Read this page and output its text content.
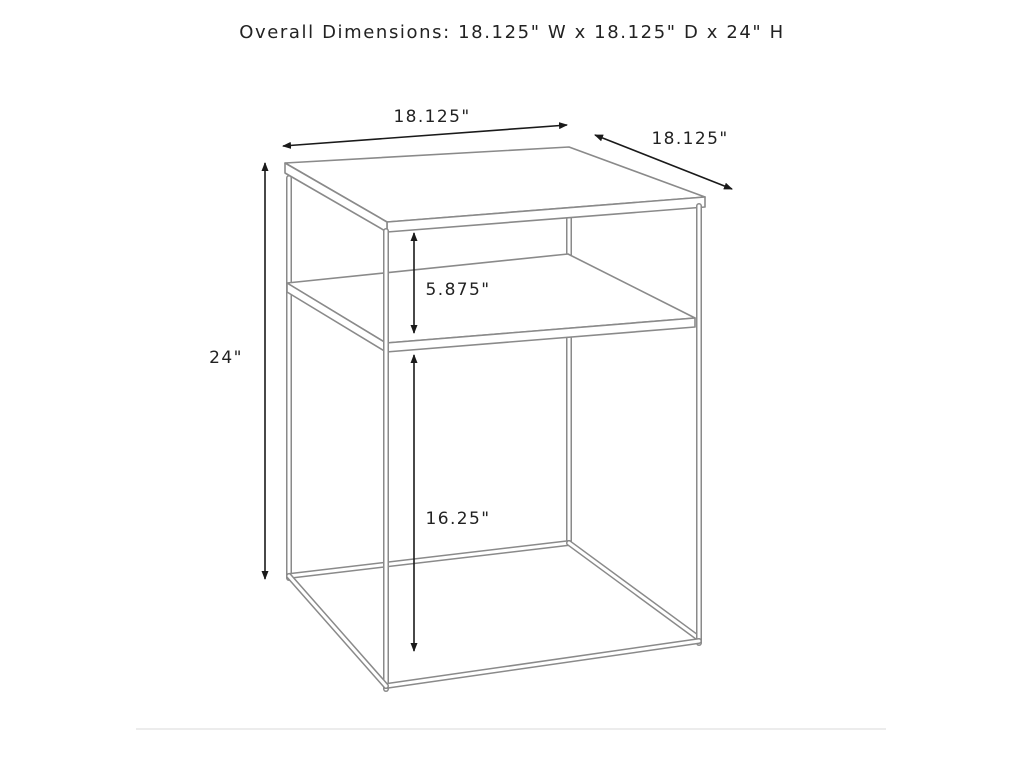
Overall Dimensions: 18.125" W x 18.125" D x 24" H
18.125"
18.125"
24"
5.875"
16.25"
